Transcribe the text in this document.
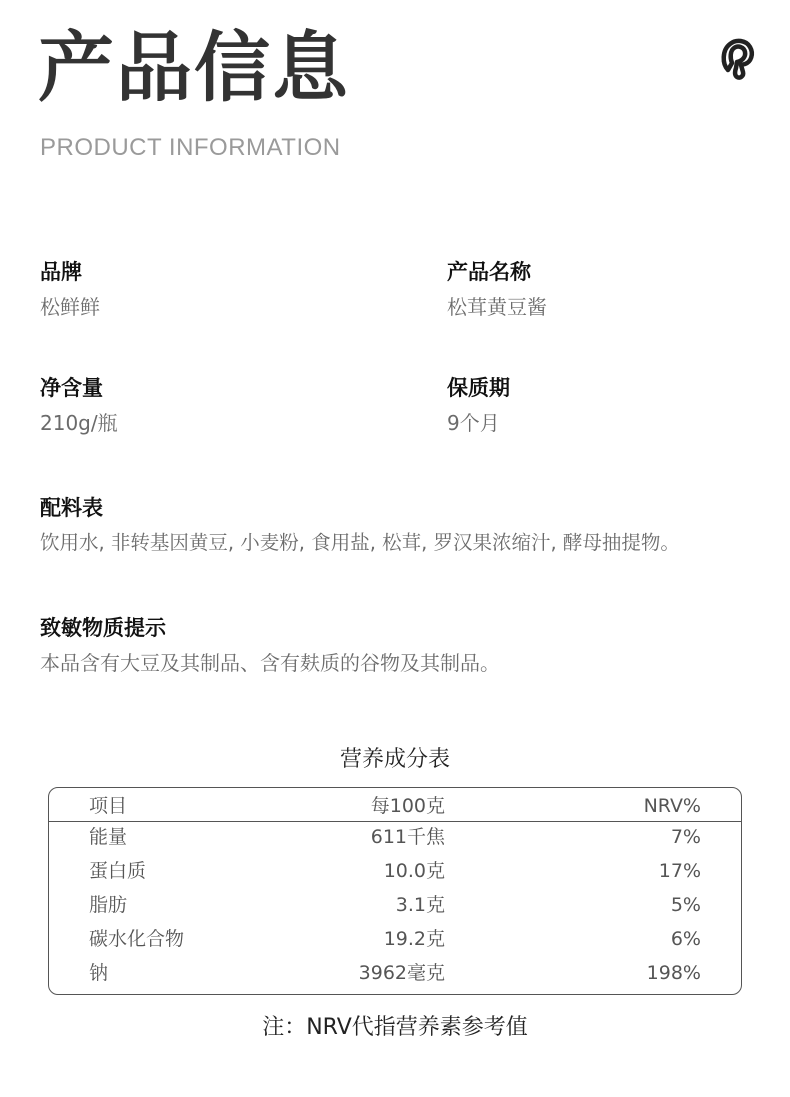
产品信息
PRODUCT INFORMATION
品牌
松鲜鲜
产品名称
松茸黄豆酱
净含量
210g/瓶
保质期
9个月
配料表
饮用水, 非转基因黄豆, 小麦粉, 食用盐, 松茸, 罗汉果浓缩汁, 酵母抽提物。
致敏物质提示
本品含有大豆及其制品、含有麸质的谷物及其制品。
营养成分表
项目	每100克	NRV%
能量	611千焦	7%
蛋白质	10.0克	17%
脂肪	3.1克	5%
碳水化合物	19.2克	6%
钠	3962毫克	198%
注：NRV代指营养素参考值
